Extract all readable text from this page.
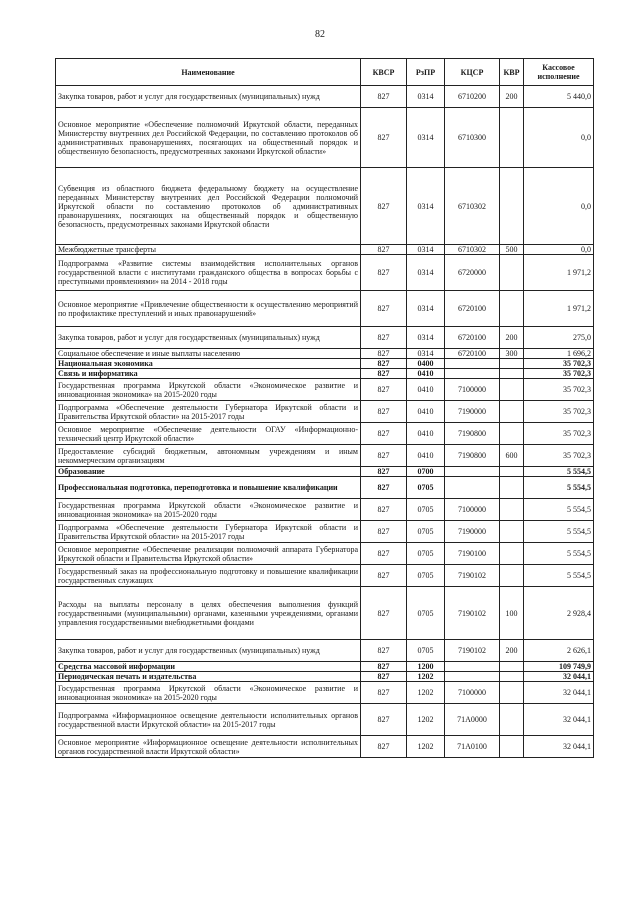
82
Наименование	КВСР	РзПР	КЦСР	КВР	Кассовое исполнение
Закупка товаров, работ и услуг для государственных (муниципальных) нужд	827	0314	6710200	200	5 440,0
Основное мероприятие «Обеспечение полномочий Иркутской области, переданных Министерству внутренних дел Российской Федерации, по составлению протоколов об административных правонарушениях, посягающих на общественный порядок и общественную безопасность, предусмотренных законами Иркутской области»	827	0314	6710300		0,0
Субвенция из областного бюджета федеральному бюджету на осуществление переданных Министерству внутренних дел Российской Федерации полномочий Иркутской области по составлению протоколов об административных правонарушениях, посягающих на общественный порядок и общественную безопасность, предусмотренных законами Иркутской области	827	0314	6710302		0,0
Межбюджетные трансферты	827	0314	6710302	500	0,0
Подпрограмма «Развитие системы взаимодействия исполнительных органов государственной власти с институтами гражданского общества в вопросах борьбы с преступными проявлениями» на 2014 - 2018 годы	827	0314	6720000		1 971,2
Основное мероприятие «Привлечение общественности к осуществлению мероприятий по профилактике преступлений и иных правонарушений»	827	0314	6720100		1 971,2
Закупка товаров, работ и услуг для государственных (муниципальных) нужд	827	0314	6720100	200	275,0
Социальное обеспечение и иные выплаты населению	827	0314	6720100	300	1 696,2
Национальная экономика	827	0400			35 702,3
Связь и информатика	827	0410			35 702,3
Государственная программа Иркутской области «Экономическое развитие и инновационная экономика» на 2015-2020 годы	827	0410	7100000		35 702,3
Подпрограмма «Обеспечение деятельности Губернатора Иркутской области и Правительства Иркутской области» на 2015-2017 годы	827	0410	7190000		35 702,3
Основное мероприятие «Обеспечение деятельности ОГАУ «Информационно-технический центр Иркутской области»	827	0410	7190800		35 702,3
Предоставление субсидий бюджетным, автономным учреждениям и иным некоммерческим организациям	827	0410	7190800	600	35 702,3
Образование	827	0700			5 554,5
Профессиональная подготовка, переподготовка и повышение квалификации	827	0705			5 554,5
Государственная программа Иркутской области «Экономическое развитие и инновационная экономика» на 2015-2020 годы	827	0705	7100000		5 554,5
Подпрограмма «Обеспечение деятельности Губернатора Иркутской области и Правительства Иркутской области» на 2015-2017 годы	827	0705	7190000		5 554,5
Основное мероприятие «Обеспечение реализации полномочий аппарата Губернатора Иркутской области и Правительства Иркутской области»	827	0705	7190100		5 554,5
Государственный заказ на профессиональную подготовку и повышение квалификации государственных служащих	827	0705	7190102		5 554,5
Расходы на выплаты персоналу в целях обеспечения выполнения функций государственными (муниципальными) органами, казенными учреждениями, органами управления государственными внебюджетными фондами	827	0705	7190102	100	2 928,4
Закупка товаров, работ и услуг для государственных (муниципальных) нужд	827	0705	7190102	200	2 626,1
Средства массовой информации	827	1200			109 749,9
Периодическая печать и издательства	827	1202			32 044,1
Государственная программа Иркутской области «Экономическое развитие и инновационная экономика» на 2015-2020 годы	827	1202	7100000		32 044,1
Подпрограмма «Информационное освещение деятельности исполнительных органов государственной власти Иркутской области» на 2015-2017 годы	827	1202	71А0000		32 044,1
Основное мероприятие «Информационное освещение деятельности исполнительных органов государственной власти Иркутской области»	827	1202	71А0100		32 044,1
